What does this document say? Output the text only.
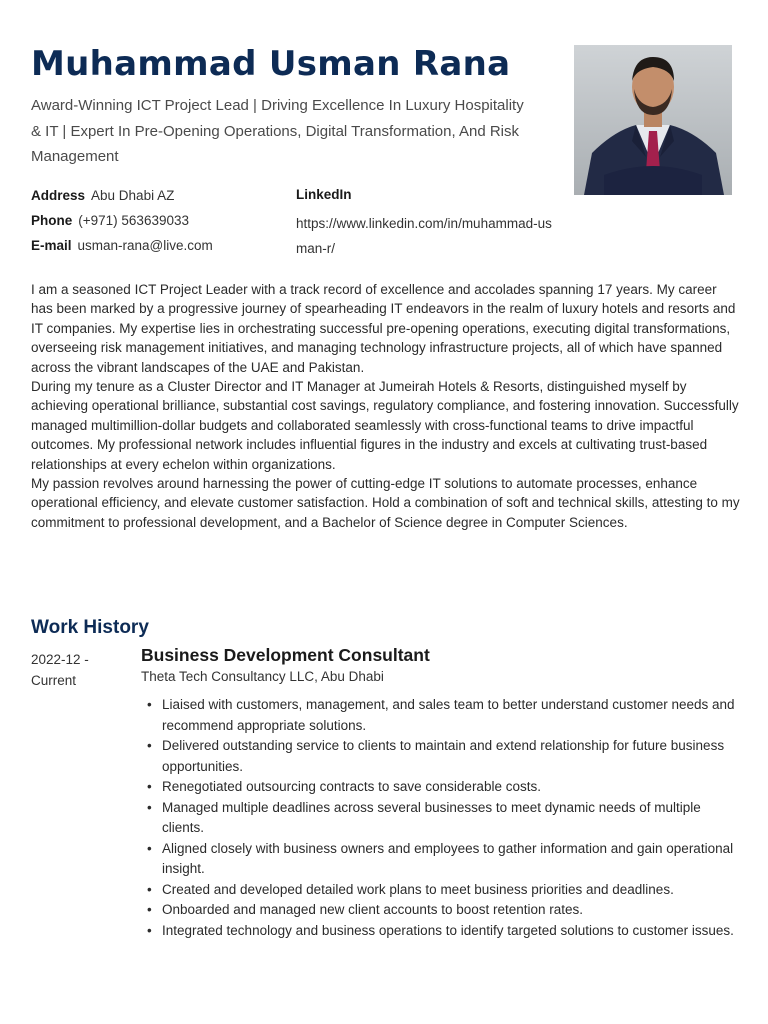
Muhammad Usman Rana
Award-Winning ICT Project Lead | Driving Excellence In Luxury Hospitality & IT | Expert In Pre-Opening Operations, Digital Transformation, And Risk Management
Address Abu Dhabi AZ
Phone (+971) 563639033
E-mail usman-rana@live.com
LinkedIn
https://www.linkedin.com/in/muhammad-usman-r/

I am a seasoned ICT Project Leader with a track record of excellence and accolades spanning 17 years. My career has been marked by a progressive journey of spearheading IT endeavors in the realm of luxury hotels and resorts and IT companies. My expertise lies in orchestrating successful pre-opening operations, executing digital transformations, overseeing risk management initiatives, and managing technology infrastructure projects, all of which have spanned across the vibrant landscapes of the UAE and Pakistan.

During my tenure as a Cluster Director and IT Manager at Jumeirah Hotels & Resorts, distinguished myself by achieving operational brilliance, substantial cost savings, regulatory compliance, and fostering innovation. Successfully managed multimillion-dollar budgets and collaborated seamlessly with cross-functional teams to drive impactful outcomes. My professional network includes influential figures in the industry and excels at cultivating trust-based relationships at every echelon within organizations.

My passion revolves around harnessing the power of cutting-edge IT solutions to automate processes, enhance operational efficiency, and elevate customer satisfaction. Hold a combination of soft and technical skills, attesting to my commitment to professional development, and a Bachelor of Science degree in Computer Sciences.

Work History
2022-12 -
Current
Business Development Consultant
Theta Tech Consultancy LLC, Abu Dhabi
• Liaised with customers, management, and sales team to better understand customer needs and recommend appropriate solutions.
• Delivered outstanding service to clients to maintain and extend relationship for future business opportunities.
• Renegotiated outsourcing contracts to save considerable costs.
• Managed multiple deadlines across several businesses to meet dynamic needs of multiple clients.
• Aligned closely with business owners and employees to gather information and gain operational insight.
• Created and developed detailed work plans to meet business priorities and deadlines.
• Onboarded and managed new client accounts to boost retention rates.
• Integrated technology and business operations to identify targeted solutions to customer issues.
